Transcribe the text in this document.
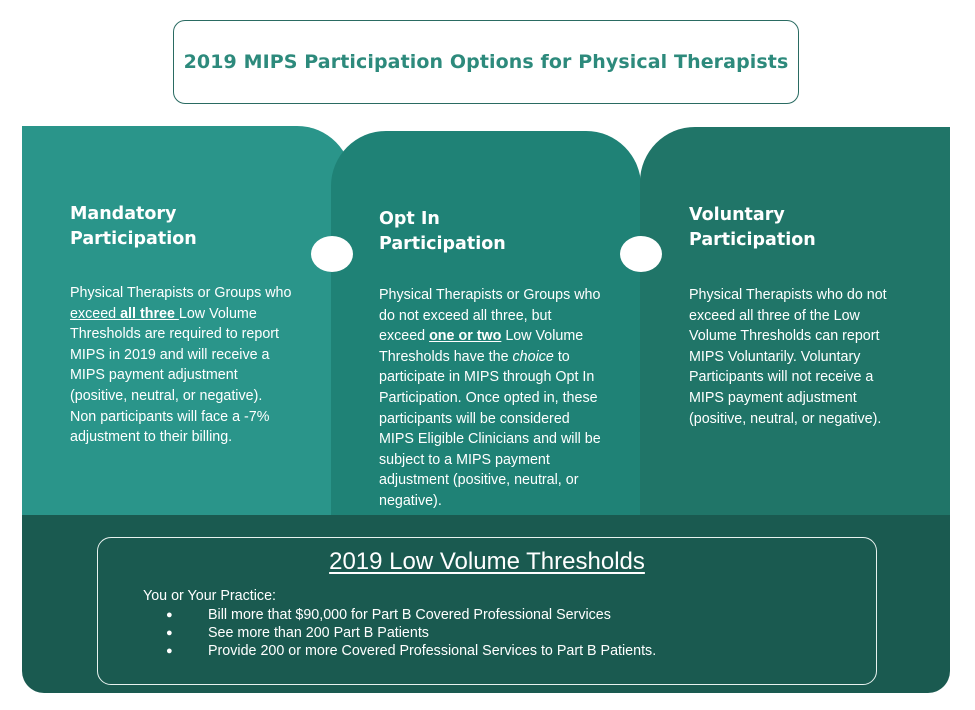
2019 MIPS Participation Options for Physical Therapists
Mandatory
Participation
Physical Therapists or Groups who exceed all three Low Volume Thresholds are required to report MIPS in 2019 and will receive a MIPS payment adjustment (positive, neutral, or negative). Non participants will face a -7% adjustment to their billing.
Opt In
Participation
Physical Therapists or Groups who do not exceed all three, but exceed one or two Low Volume Thresholds have the choice to participate in MIPS through Opt In Participation. Once opted in, these participants will be considered MIPS Eligible Clinicians and will be subject to a MIPS payment adjustment (positive, neutral, or negative).
Voluntary
Participation
Physical Therapists who do not exceed all three of the Low Volume Thresholds can report MIPS Voluntarily. Voluntary Participants will not receive a MIPS payment adjustment (positive, neutral, or negative).
2019 Low Volume Thresholds
You or Your Practice:
●	Bill more that $90,000 for Part B Covered Professional Services
●	See more than 200 Part B Patients
●	Provide 200 or more Covered Professional Services to Part B Patients.
